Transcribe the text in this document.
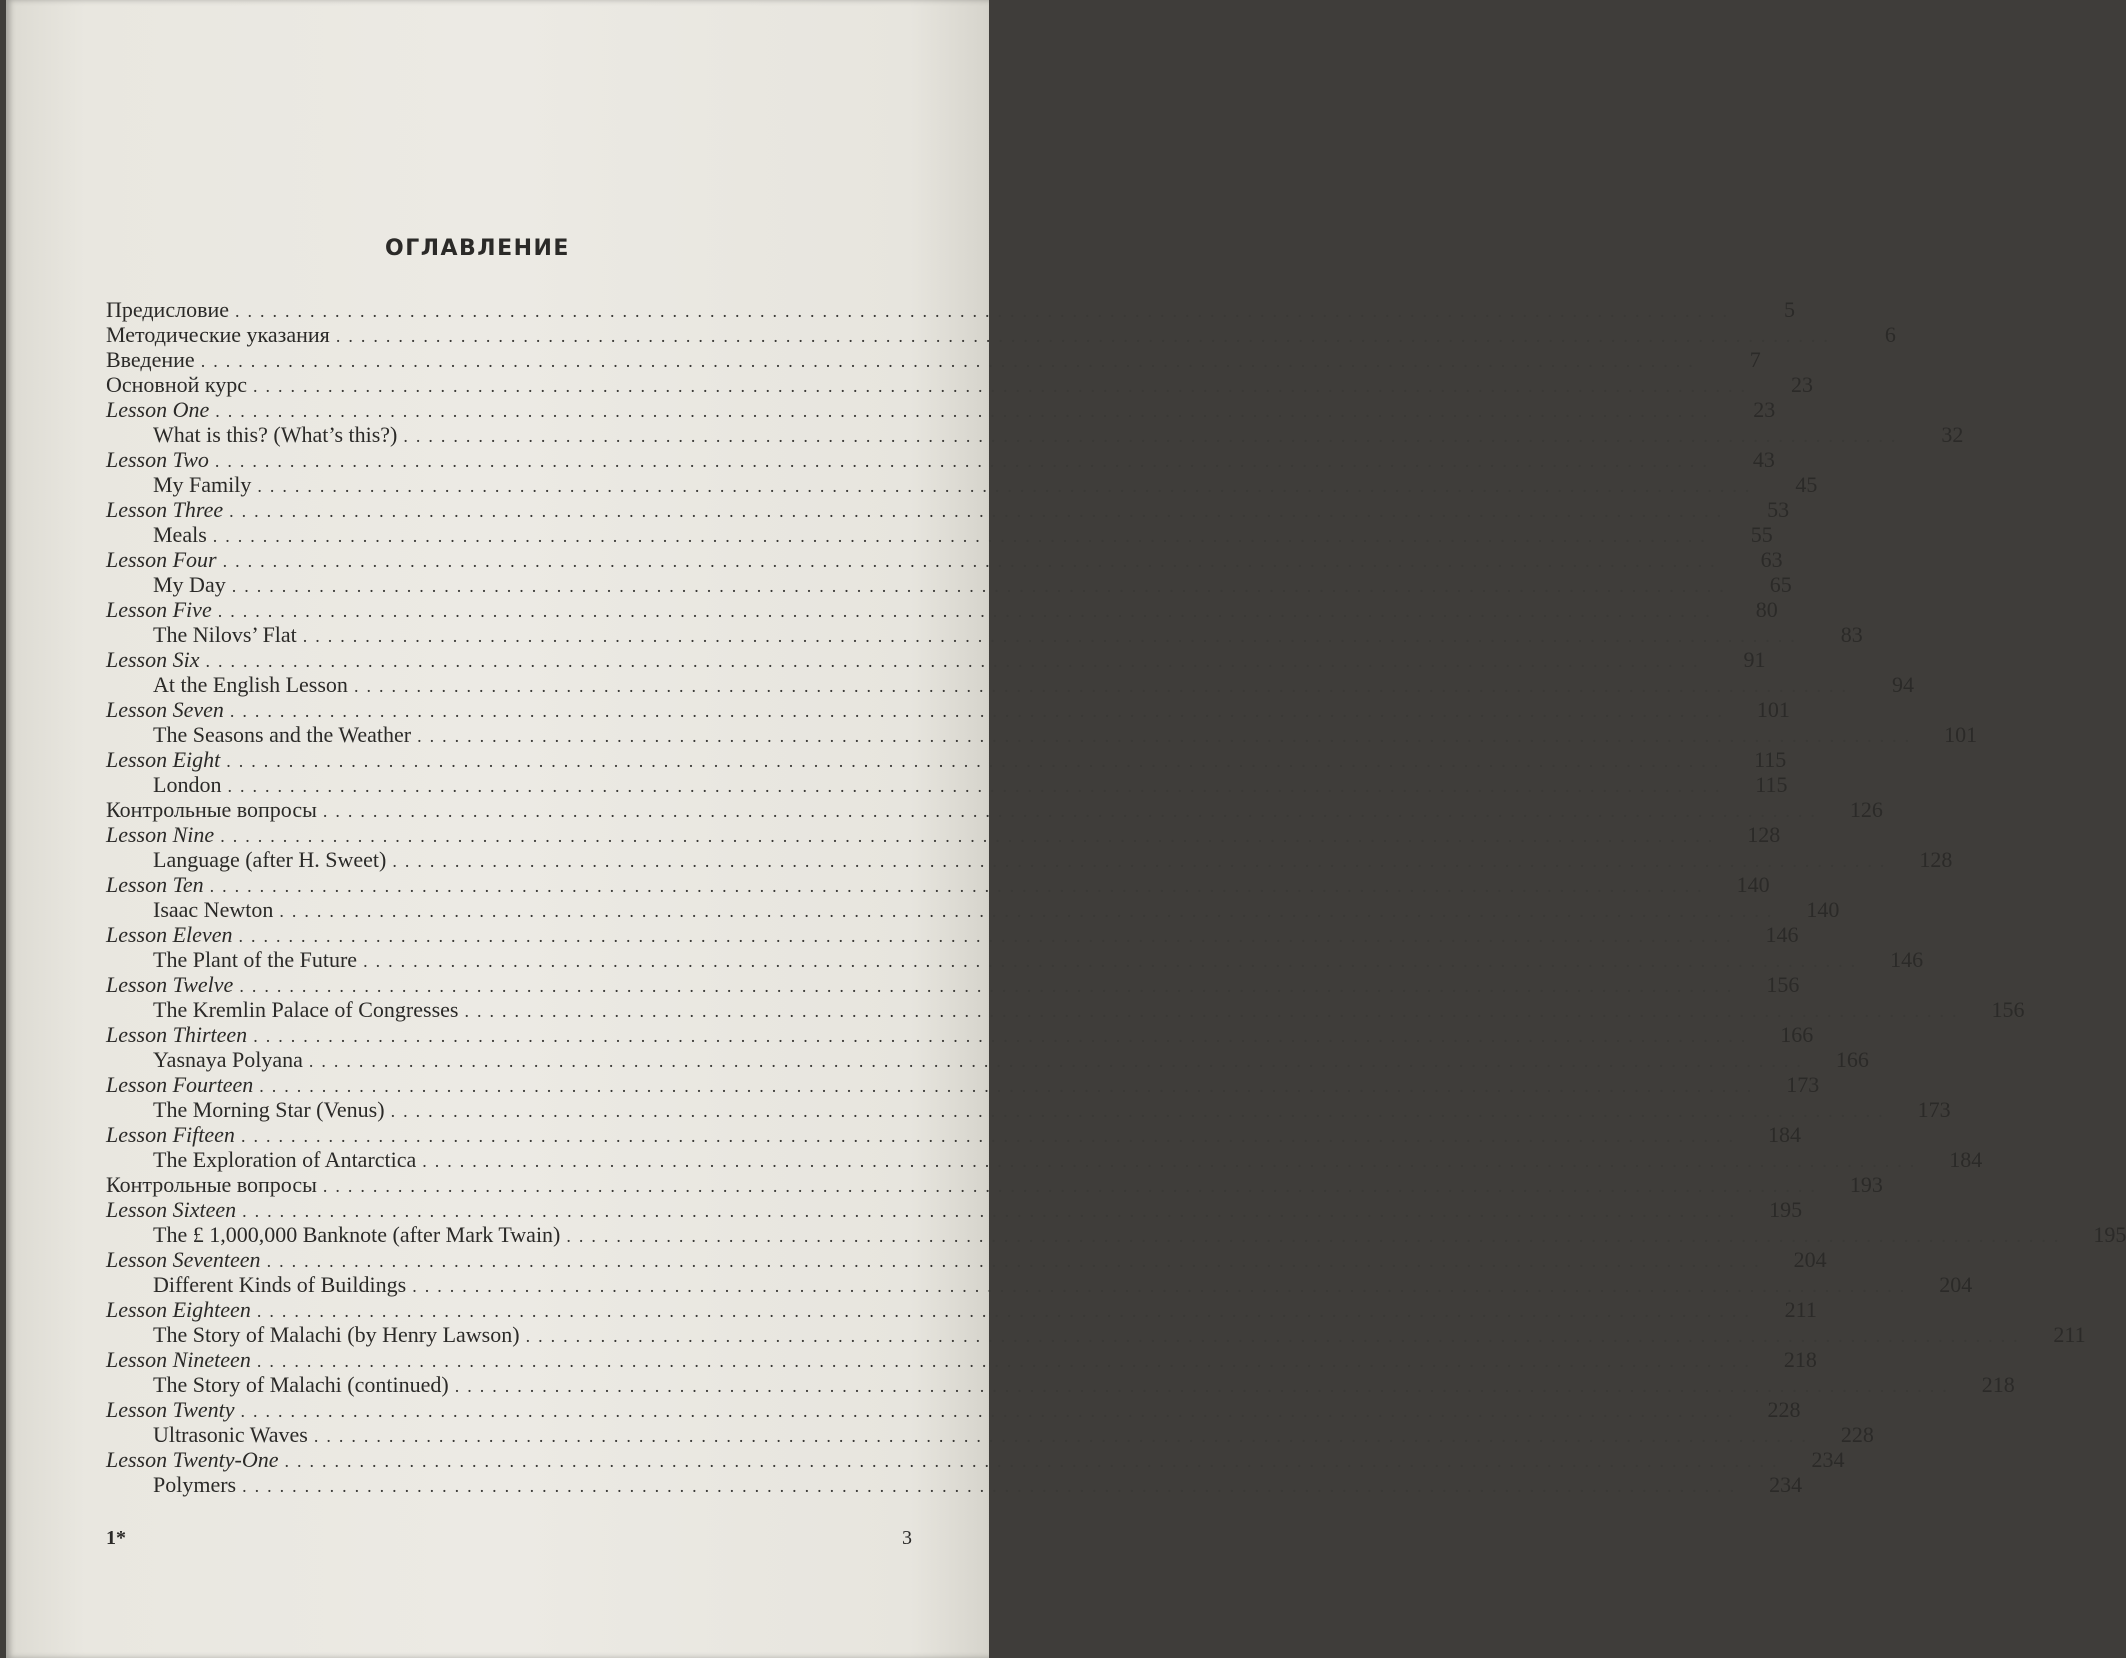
ОГЛАВЛЕНИЕ
Предисловие ........................................................................................................................	5
Методические указания ........................................................................................................................	6
Введение ........................................................................................................................	7
Основной курс ........................................................................................................................	23
Lesson One ........................................................................................................................	23
What is this? (What’s this?) ........................................................................................................................	32
Lesson Two ........................................................................................................................	43
My Family ........................................................................................................................	45
Lesson Three ........................................................................................................................	53
Meals ........................................................................................................................	55
Lesson Four ........................................................................................................................	63
My Day ........................................................................................................................	65
Lesson Five ........................................................................................................................	80
The Nilovs’ Flat ........................................................................................................................	83
Lesson Six ........................................................................................................................	91
At the English Lesson ........................................................................................................................	94
Lesson Seven ........................................................................................................................	101
The Seasons and the Weather ........................................................................................................................	101
Lesson Eight ........................................................................................................................	115
London ........................................................................................................................	115
Контрольные вопросы ........................................................................................................................	126
Lesson Nine ........................................................................................................................	128
Language (after H. Sweet) ........................................................................................................................	128
Lesson Ten ........................................................................................................................	140
Isaac Newton ........................................................................................................................	140
Lesson Eleven ........................................................................................................................	146
The Plant of the Future ........................................................................................................................	146
Lesson Twelve ........................................................................................................................	156
The Kremlin Palace of Congresses ........................................................................................................................	156
Lesson Thirteen ........................................................................................................................	166
Yasnaya Polyana ........................................................................................................................	166
Lesson Fourteen ........................................................................................................................	173
The Morning Star (Venus) ........................................................................................................................	173
Lesson Fifteen ........................................................................................................................	184
The Exploration of Antarctica ........................................................................................................................	184
Контрольные вопросы ........................................................................................................................	193
Lesson Sixteen ........................................................................................................................	195
The £ 1,000,000 Banknote (after Mark Twain) ........................................................................................................................	195
Lesson Seventeen ........................................................................................................................	204
Different Kinds of Buildings ........................................................................................................................	204
Lesson Eighteen ........................................................................................................................	211
The Story of Malachi (by Henry Lawson) ........................................................................................................................	211
Lesson Nineteen ........................................................................................................................	218
The Story of Malachi (continued) ........................................................................................................................	218
Lesson Twenty ........................................................................................................................	228
Ultrasonic Waves ........................................................................................................................	228
Lesson Twenty-One ........................................................................................................................	234
Polymers ........................................................................................................................	234
1*	3
